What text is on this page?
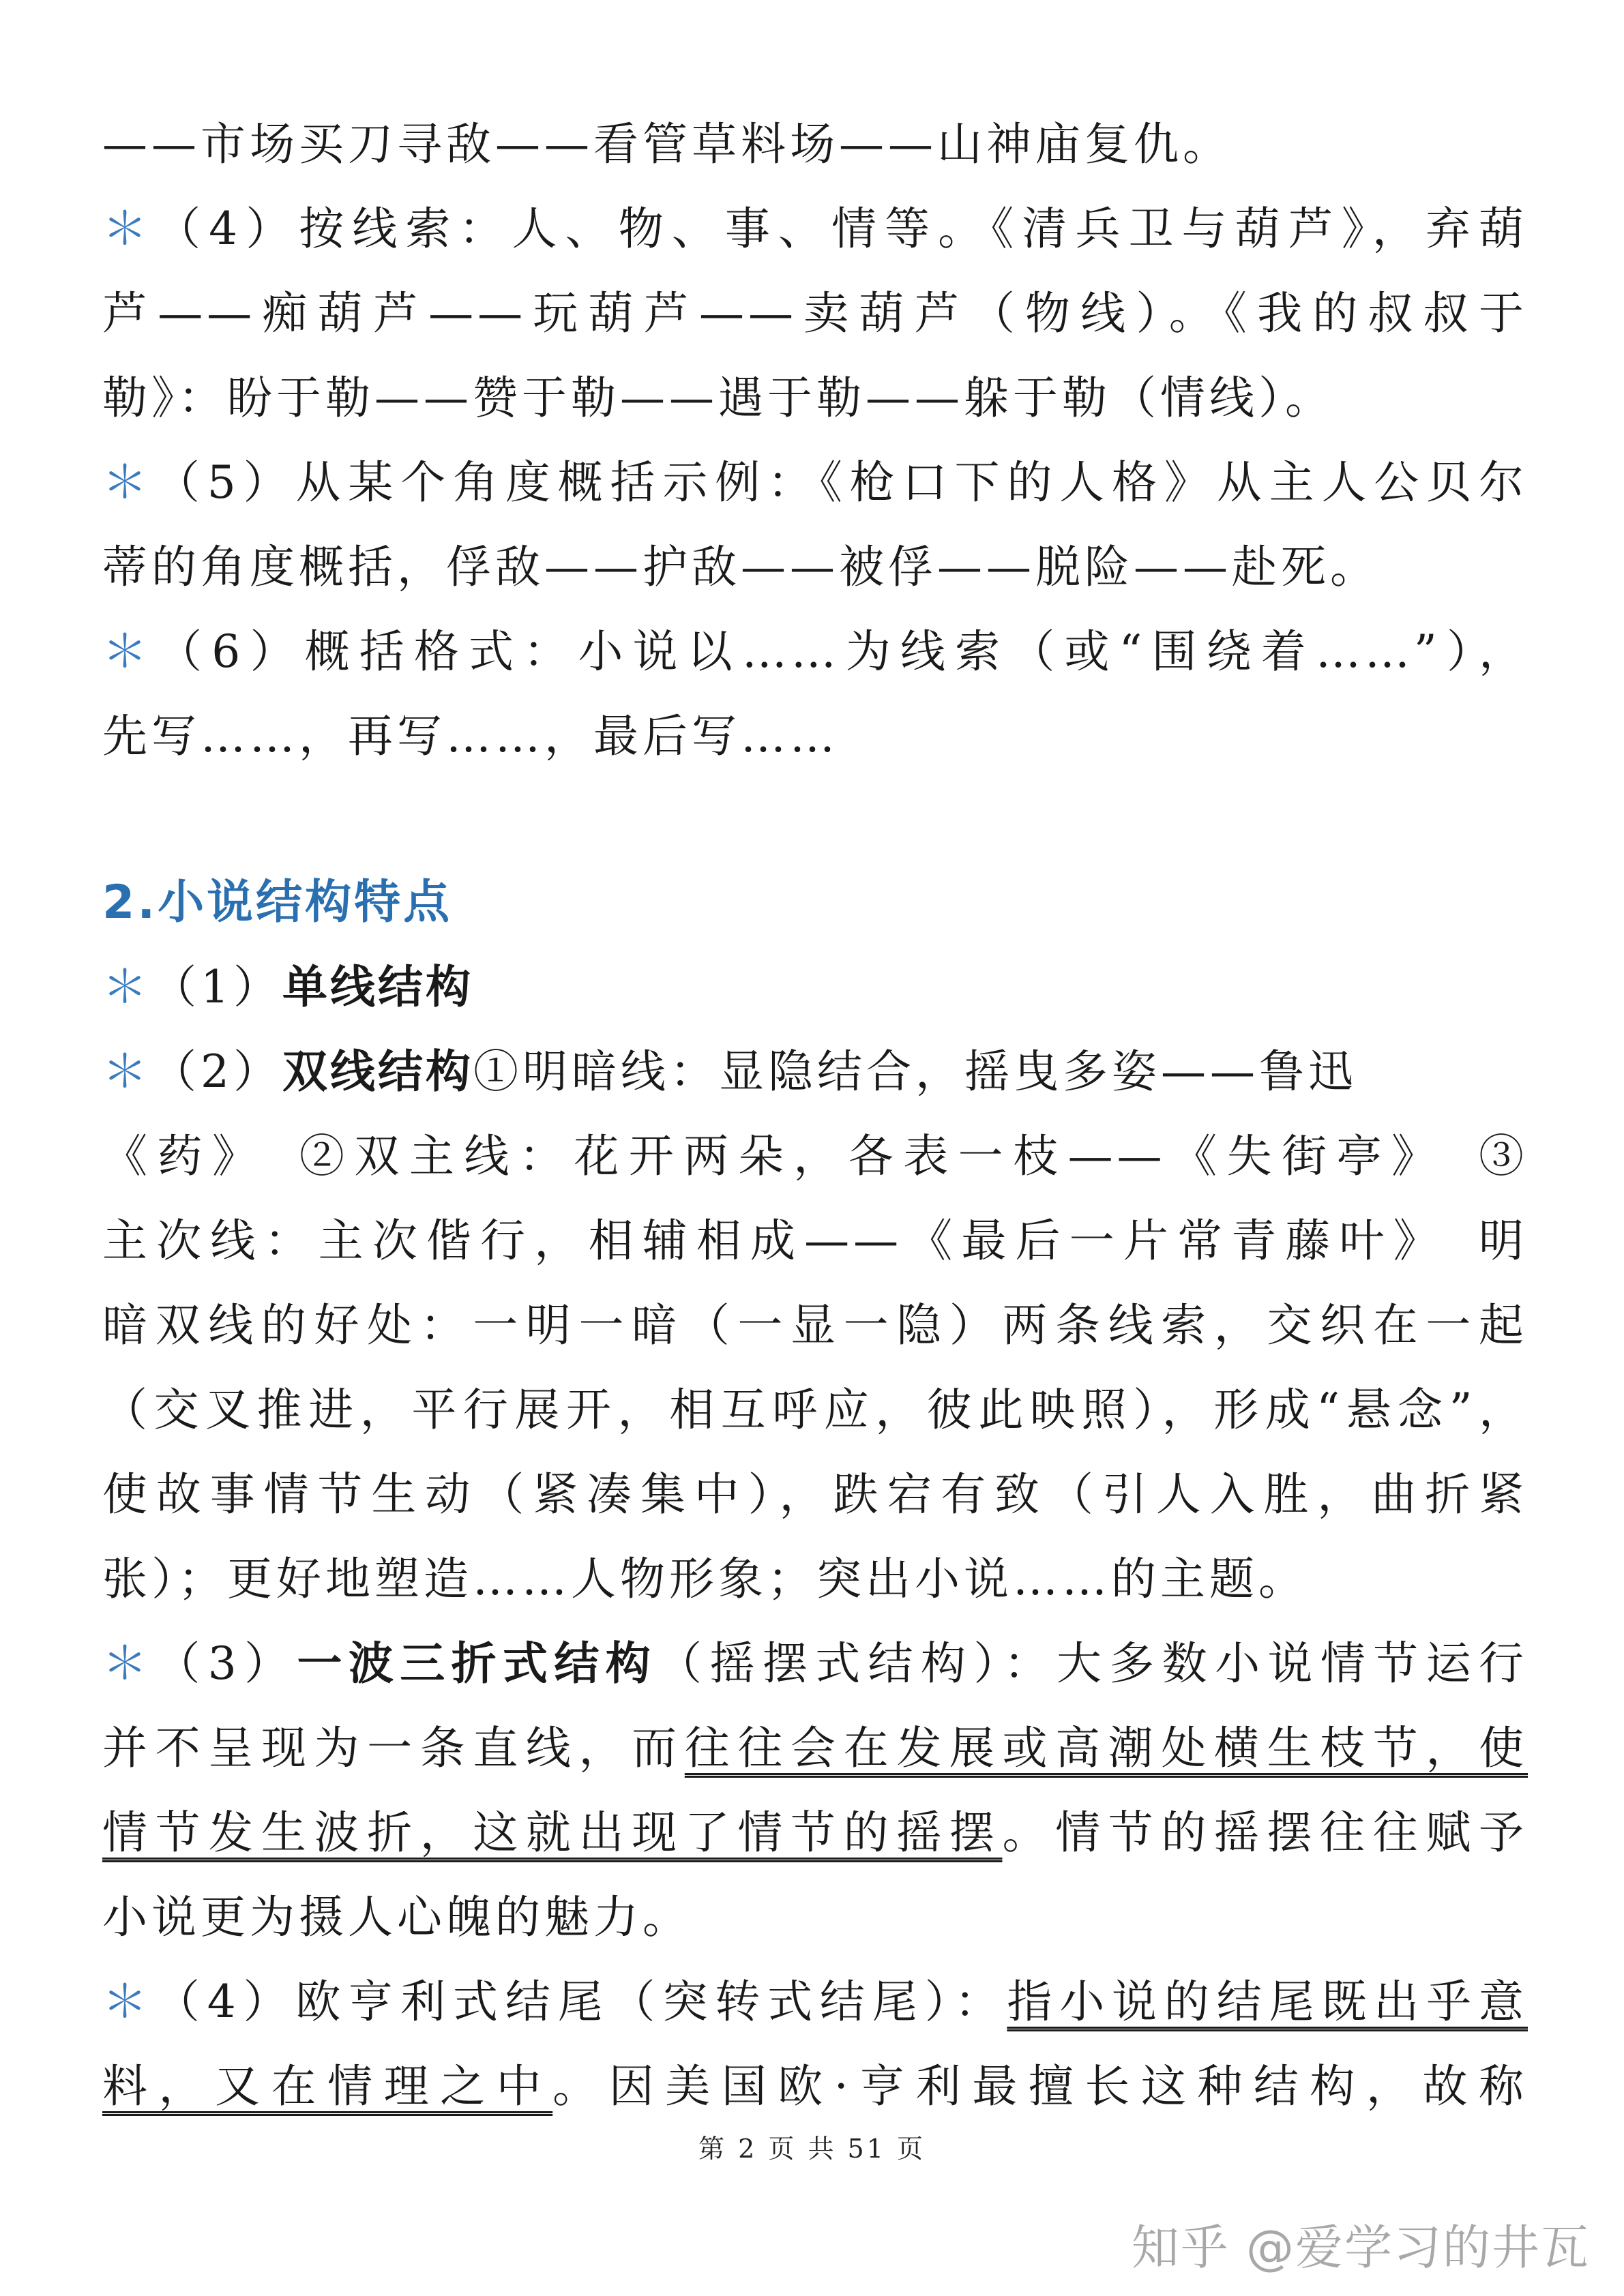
——市场买刀寻敌——看管草料场——山神庙复仇。
＊（4）按线索：人、物、事、情等。《清兵卫与葫芦》，弃葫
芦——痴葫芦——玩葫芦——卖葫芦（物线）。《我的叔叔于
勒》：盼于勒——赞于勒——遇于勒——躲于勒（情线）。
＊（5）从某个角度概括示例：《枪口下的人格》从主人公贝尔
蒂的角度概括，俘敌——护敌——被俘——脱险——赴死。
＊（6）概括格式：小说以……为线索（或“围绕着……”），
先写……，再写……，最后写……
2.小说结构特点
＊（1）单线结构
＊（2）双线结构①明暗线：显隐结合，摇曳多姿——鲁迅
《药》　②双主线：花开两朵，各表一枝——《失街亭》　③
主次线：主次偕行，相辅相成——《最后一片常青藤叶》　明
暗双线的好处：一明一暗（一显一隐）两条线索，交织在一起
（交叉推进，平行展开，相互呼应，彼此映照），形成“悬念”，
使故事情节生动（紧凑集中），跌宕有致（引人入胜，曲折紧
张）；更好地塑造……人物形象；突出小说……的主题。
＊（3）一波三折式结构（摇摆式结构）：大多数小说情节运行
并不呈现为一条直线，而往往会在发展或高潮处横生枝节，使
情节发生波折，这就出现了情节的摇摆。情节的摇摆往往赋予
小说更为摄人心魄的魅力。
＊（4）欧亨利式结尾（突转式结尾）：指小说的结尾既出乎意
料，又在情理之中。因美国欧·亨利最擅长这种结构，故称
第 2 页 共 51 页
知乎 @爱学习的井瓦
